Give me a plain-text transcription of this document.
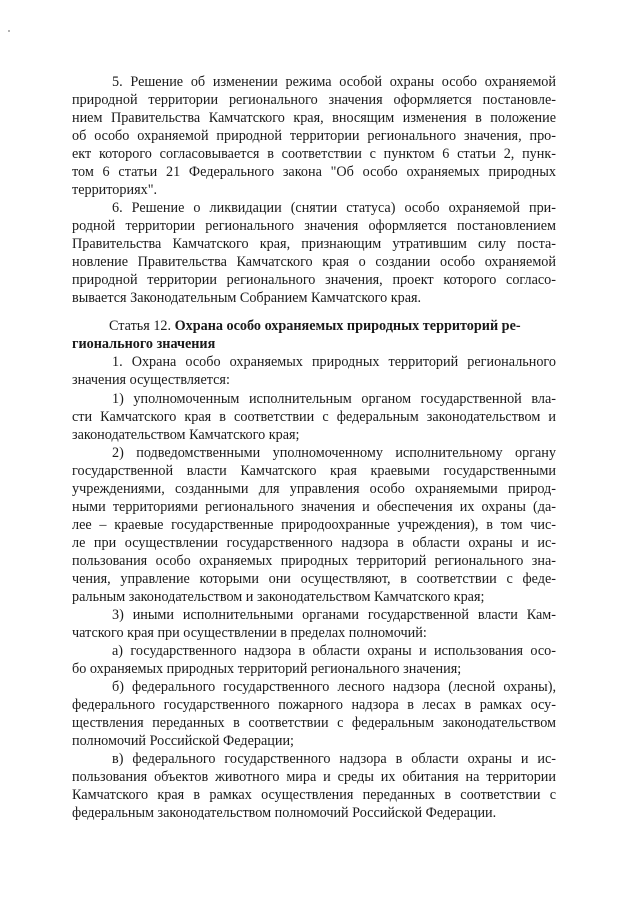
5. Решение об изменении режима особой охраны особо охраняемой
природной территории регионального значения оформляется постановле-
нием Правительства Камчатского края, вносящим изменения в положение
об особо охраняемой природной территории регионального значения, про-
ект которого согласовывается в соответствии с пунктом 6 статьи 2, пунк-
том 6 статьи 21 Федерального закона "Об особо охраняемых природных
территориях".
6. Решение о ликвидации (снятии статуса) особо охраняемой при-
родной территории регионального значения оформляется постановлением
Правительства Камчатского края, признающим утратившим силу поста-
новление Правительства Камчатского края о создании особо охраняемой
природной территории регионального значения, проект которого согласо-
вывается Законодательным Собранием Камчатского края.
Статья 12. Охрана особо охраняемых природных территорий ре-
гионального значения
1. Охрана особо охраняемых природных территорий регионального
значения осуществляется:
1) уполномоченным исполнительным органом государственной вла-
сти Камчатского края в соответствии с федеральным законодательством и
законодательством Камчатского края;
2) подведомственными уполномоченному исполнительному органу
государственной власти Камчатского края краевыми государственными
учреждениями, созданными для управления особо охраняемыми природ-
ными территориями регионального значения и обеспечения их охраны (да-
лее – краевые государственные природоохранные учреждения), в том чис-
ле при осуществлении государственного надзора в области охраны и ис-
пользования особо охраняемых природных территорий регионального зна-
чения, управление которыми они осуществляют, в соответствии с феде-
ральным законодательством и законодательством Камчатского края;
3) иными исполнительными органами государственной власти Кам-
чатского края при осуществлении в пределах полномочий:
а) государственного надзора в области охраны и использования осо-
бо охраняемых природных территорий регионального значения;
б) федерального государственного лесного надзора (лесной охраны),
федерального государственного пожарного надзора в лесах в рамках осу-
ществления переданных в соответствии с федеральным законодательством
полномочий Российской Федерации;
в) федерального государственного надзора в области охраны и ис-
пользования объектов животного мира и среды их обитания на территории
Камчатского края в рамках осуществления переданных в соответствии с
федеральным законодательством полномочий Российской Федерации.
